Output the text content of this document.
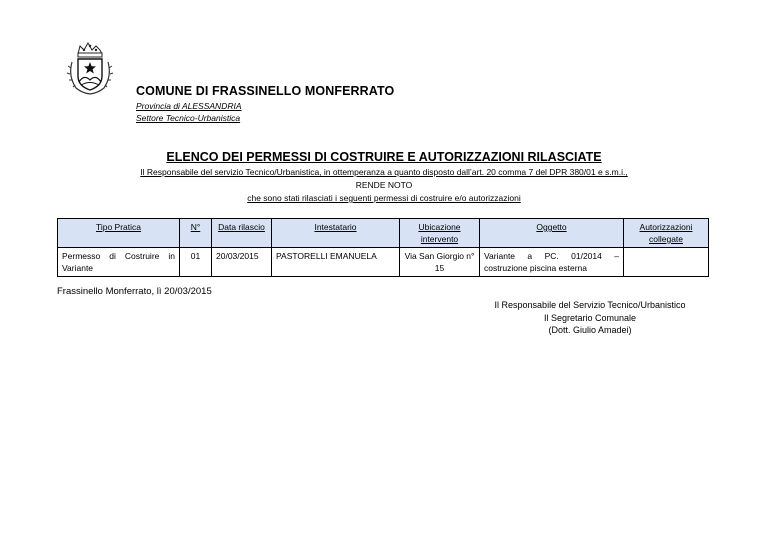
COMUNE DI FRASSINELLO MONFERRATO
Provincia di ALESSANDRIA
Settore Tecnico-Urbanistica
ELENCO DEI PERMESSI DI COSTRUIRE E AUTORIZZAZIONI RILASCIATE
Il Responsabile del servizio Tecnico/Urbanistica, in ottemperanza a quanto disposto dall’art. 20 comma 7 del DPR 380/01 e s.m.i.,
RENDE NOTO
che sono stati rilasciati i seguenti permessi di costruire e/o autorizzazioni
Tipo Pratica	N°	Data rilascio	Intestatario	Ubicazione intervento	Oggetto	Autorizzazioni collegate
Permesso di Costruire in Variante	01	20/03/2015	PASTORELLI EMANUELA	Via San Giorgio n° 15	Variante a PC. 01/2014 – costruzione piscina esterna	
Frassinello Monferrato, lì 20/03/2015
Il Responsabile del Servizio Tecnico/Urbanistico
Il Segretario Comunale
(Dott. Giulio Amadei)
